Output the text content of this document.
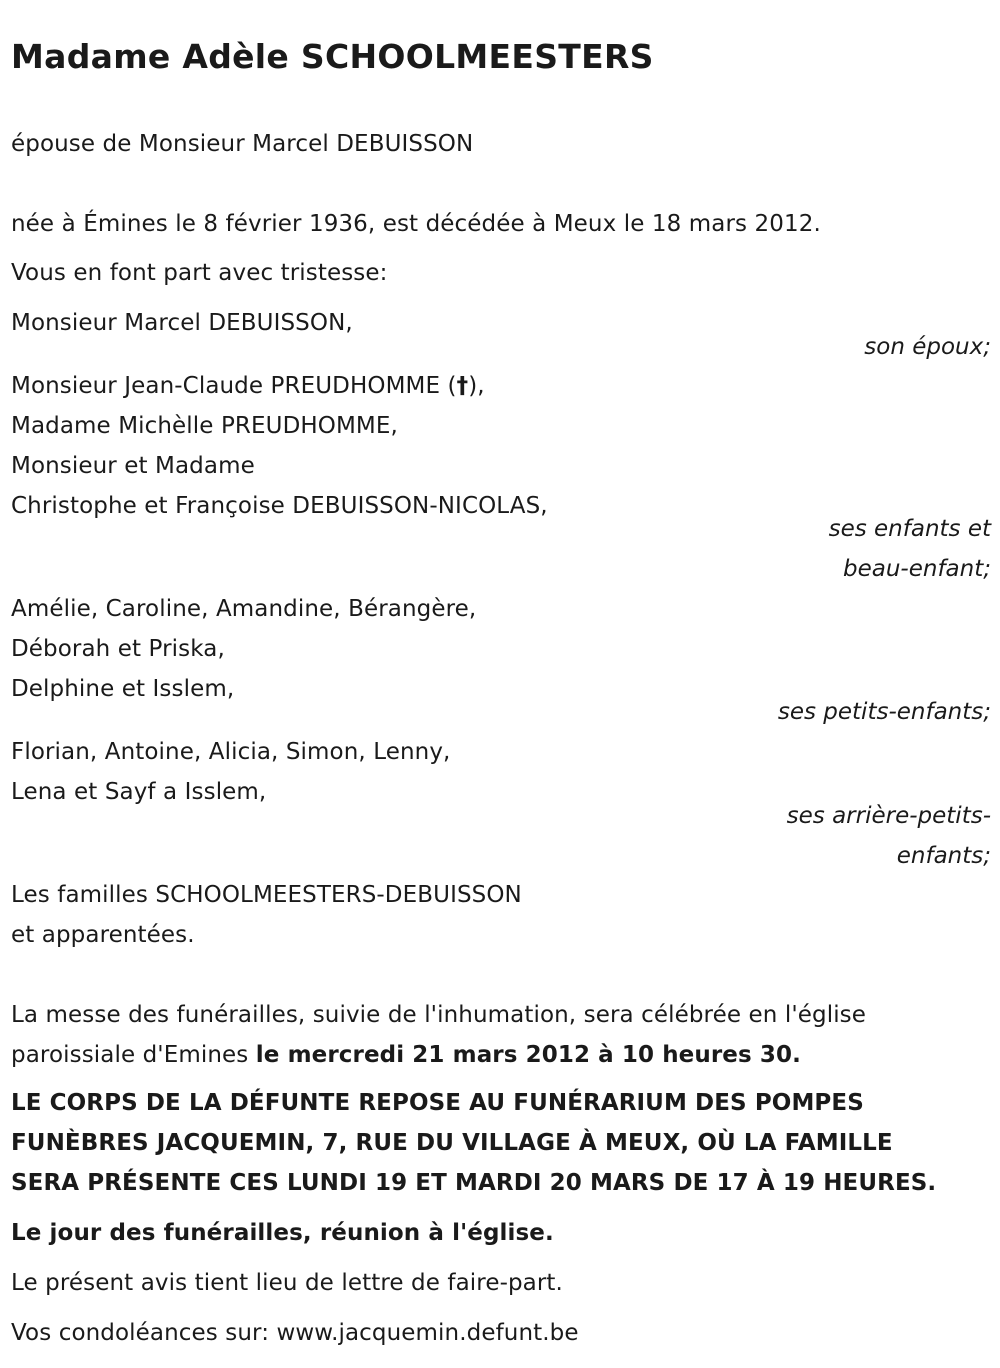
Madame Adèle SCHOOLMEESTERS
épouse de Monsieur Marcel DEBUISSON
née à Émines le 8 février 1936, est décédée à Meux le 18 mars 2012.
Vous en font part avec tristesse:
Monsieur Marcel DEBUISSON,
son époux;
Monsieur Jean-Claude PREUDHOMME (†),
Madame Michèlle PREUDHOMME,
Monsieur et Madame
Christophe et Françoise DEBUISSON-NICOLAS,
ses enfants et
beau-enfant;
Amélie, Caroline, Amandine, Bérangère,
Déborah et Priska,
Delphine et Isslem,
ses petits-enfants;
Florian, Antoine, Alicia, Simon, Lenny,
Lena et Sayf a Isslem,
ses arrière-petits-
enfants;
Les familles SCHOOLMEESTERS-DEBUISSON
et apparentées.
La messe des funérailles, suivie de l'inhumation, sera célébrée en l'église
paroissiale d'Emines le mercredi 21 mars 2012 à 10 heures 30.
LE CORPS DE LA DÉFUNTE REPOSE AU FUNÉRARIUM DES POMPES
FUNÈBRES JACQUEMIN, 7, RUE DU VILLAGE À MEUX, OÙ LA FAMILLE
SERA PRÉSENTE CES LUNDI 19 ET MARDI 20 MARS DE 17 À 19 HEURES.
Le jour des funérailles, réunion à l'église.
Le présent avis tient lieu de lettre de faire-part.
Vos condoléances sur: www.jacquemin.defunt.be
